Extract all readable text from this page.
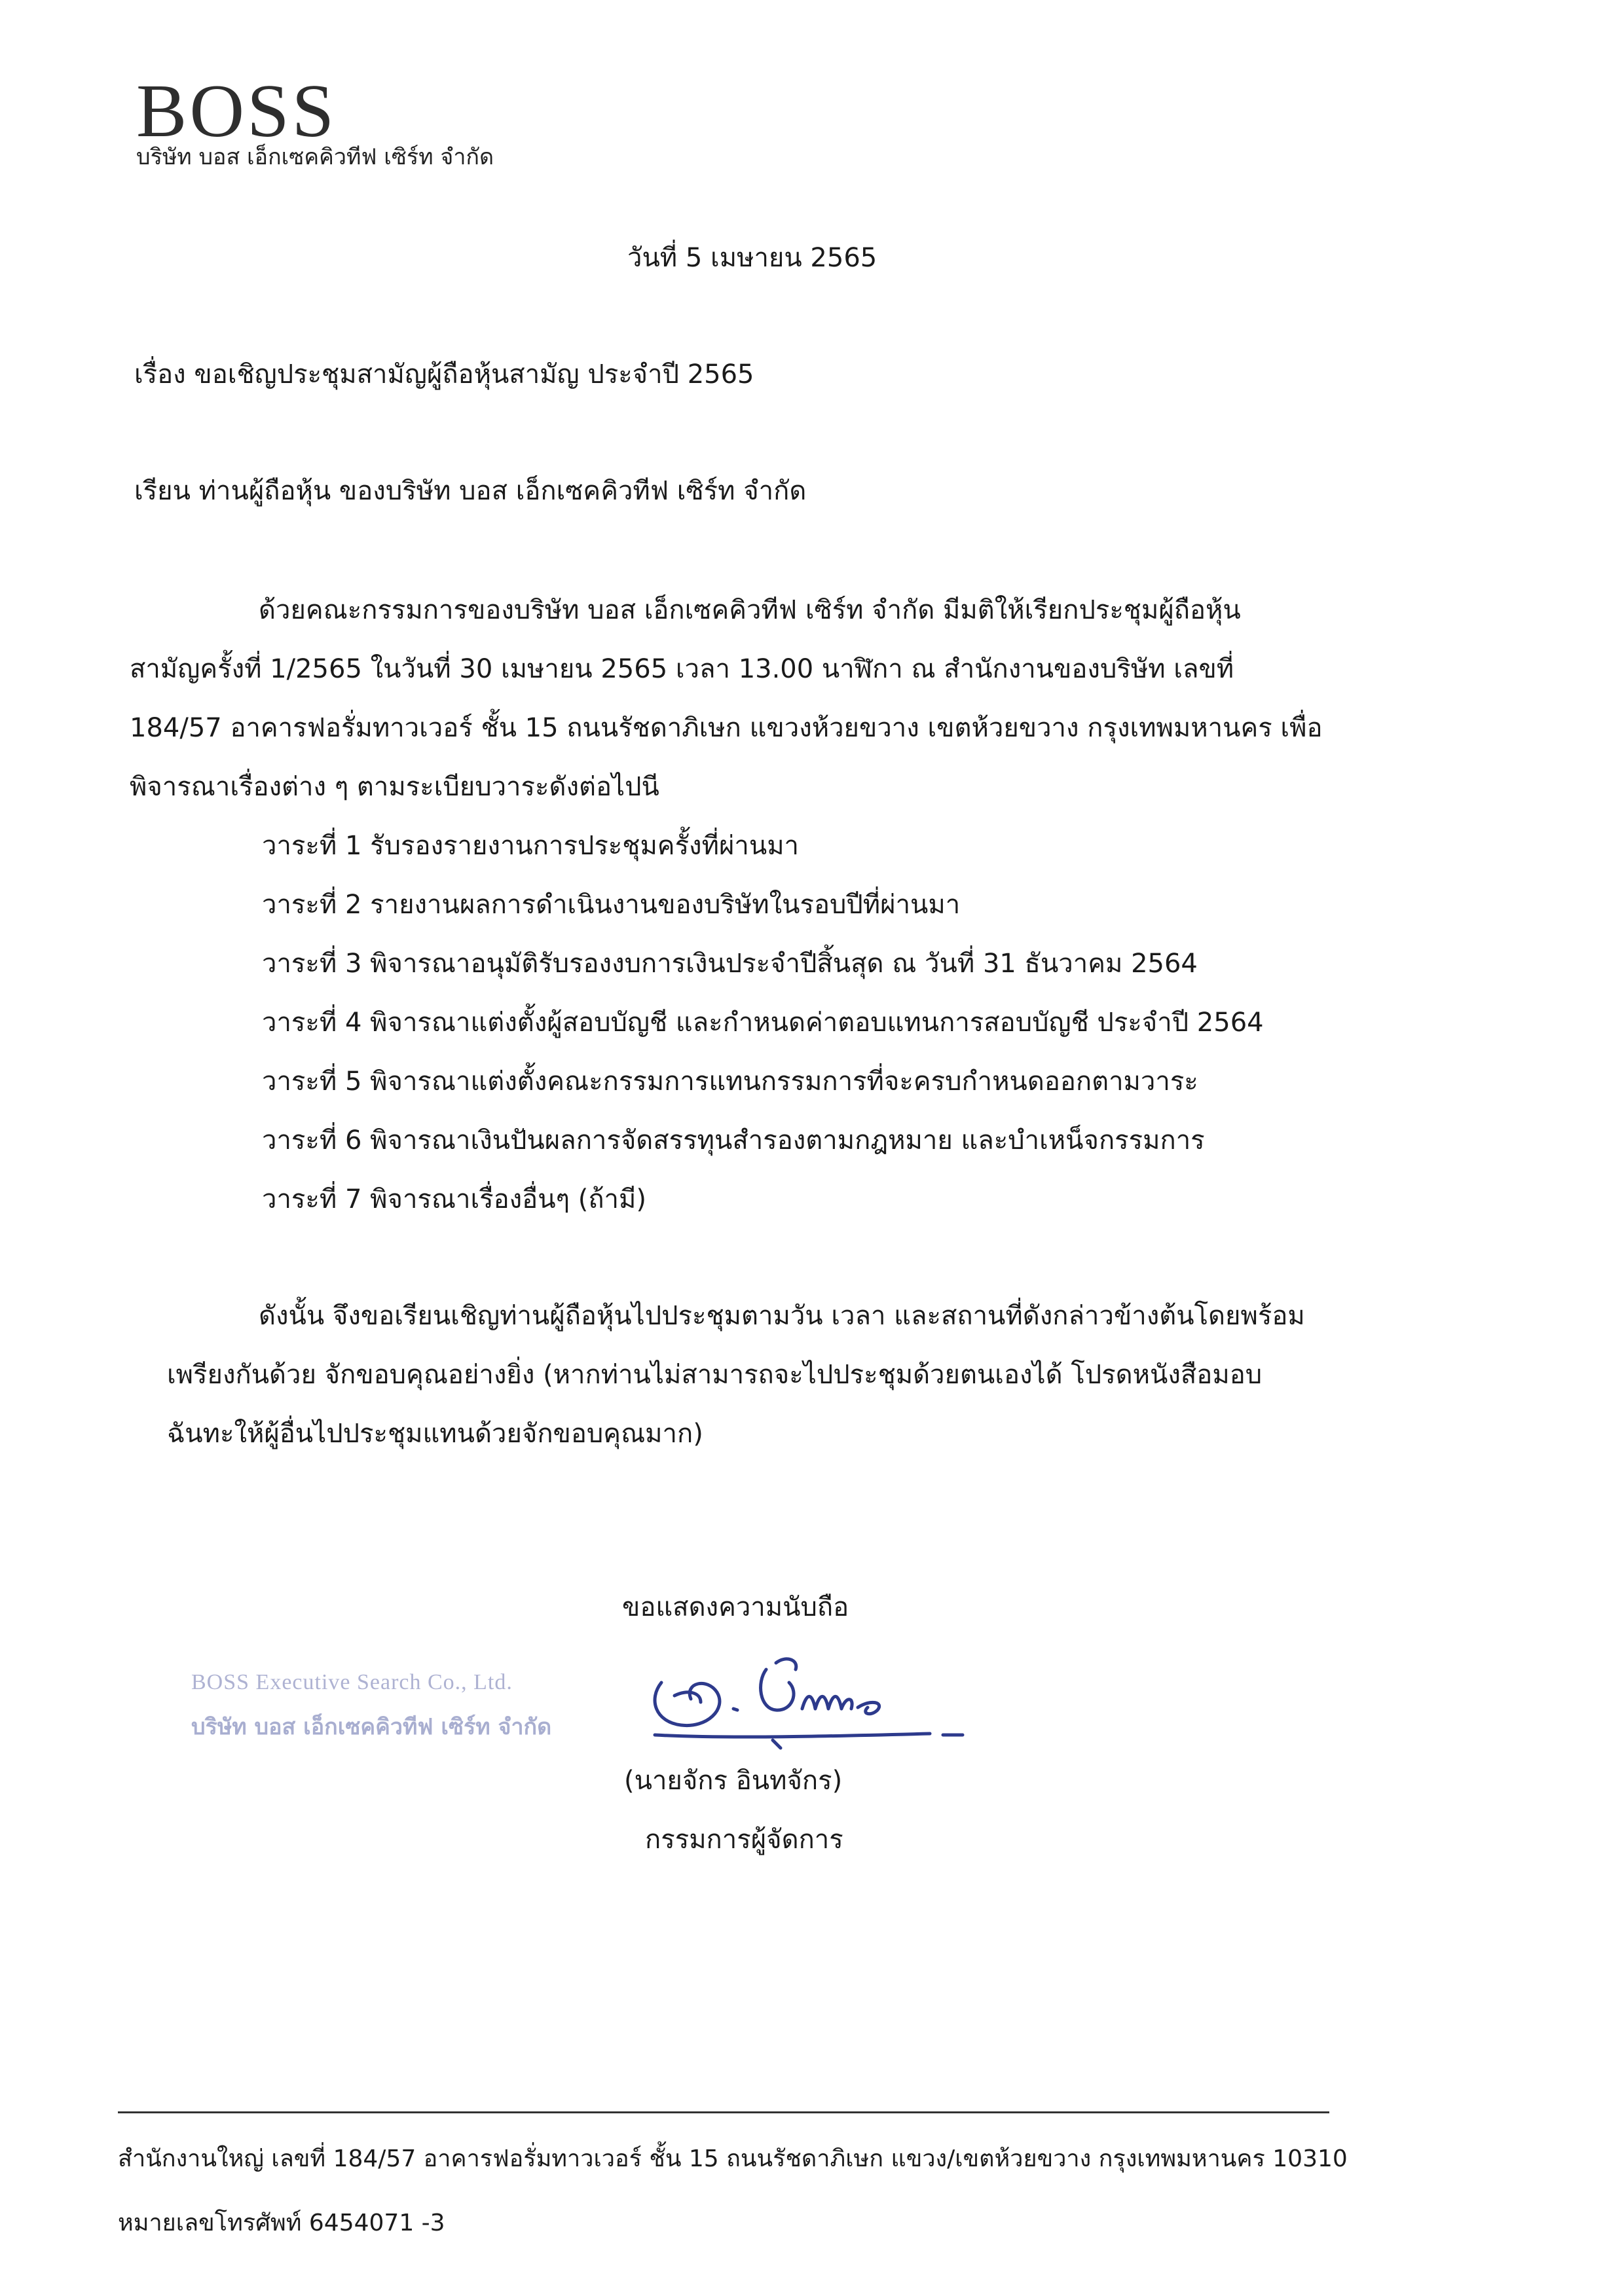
BOSS
บริษัท บอส เอ็กเซคคิวทีฟ เซิร์ท จำกัด
วันที่ 5 เมษายน 2565
เรื่อง ขอเชิญประชุมสามัญผู้ถือหุ้นสามัญ ประจำปี 2565
เรียน ท่านผู้ถือหุ้น ของบริษัท บอส เอ็กเซคคิวทีฟ เซิร์ท จำกัด
ด้วยคณะกรรมการของบริษัท บอส เอ็กเซคคิวทีฟ เซิร์ท จำกัด มีมติให้เรียกประชุมผู้ถือหุ้น
สามัญครั้งที่ 1/2565 ในวันที่ 30 เมษายน 2565 เวลา 13.00 นาฬิกา ณ สำนักงานของบริษัท เลขที่
184/57 อาคารฟอรั่มทาวเวอร์ ชั้น 15 ถนนรัชดาภิเษก แขวงห้วยขวาง เขตห้วยขวาง กรุงเทพมหานคร เพื่อ
พิจารณาเรื่องต่าง ๆ ตามระเบียบวาระดังต่อไปนี
วาระที่ 1 รับรองรายงานการประชุมครั้งที่ผ่านมา
วาระที่ 2 รายงานผลการดำเนินงานของบริษัทในรอบปีที่ผ่านมา
วาระที่ 3 พิจารณาอนุมัติรับรองงบการเงินประจำปีสิ้นสุด ณ วันที่ 31 ธันวาคม 2564
วาระที่ 4 พิจารณาแต่งตั้งผู้สอบบัญชี และกำหนดค่าตอบแทนการสอบบัญชี ประจำปี 2564
วาระที่ 5 พิจารณาแต่งตั้งคณะกรรมการแทนกรรมการที่จะครบกำหนดออกตามวาระ
วาระที่ 6 พิจารณาเงินปันผลการจัดสรรทุนสำรองตามกฎหมาย และบำเหน็จกรรมการ
วาระที่ 7 พิจารณาเรื่องอื่นๆ (ถ้ามี)
ดังนั้น จึงขอเรียนเชิญท่านผู้ถือหุ้นไปประชุมตามวัน เวลา และสถานที่ดังกล่าวข้างต้นโดยพร้อม
เพรียงกันด้วย จักขอบคุณอย่างยิ่ง (หากท่านไม่สามารถจะไปประชุมด้วยตนเองได้ โปรดหนังสือมอบ
ฉันทะให้ผู้อื่นไปประชุมแทนด้วยจักขอบคุณมาก)
ขอแสดงความนับถือ
BOSS Executive Search Co., Ltd.
บริษัท บอส เอ็กเซคคิวทีฟ เซิร์ท จำกัด
(นายจักร อินทจักร)
กรรมการผู้จัดการ
สำนักงานใหญ่ เลขที่ 184/57 อาคารฟอรั่มทาวเวอร์ ชั้น 15 ถนนรัชดาภิเษก แขวง/เขตห้วยขวาง กรุงเทพมหานคร 10310
หมายเลขโทรศัพท์ 6454071 -3
